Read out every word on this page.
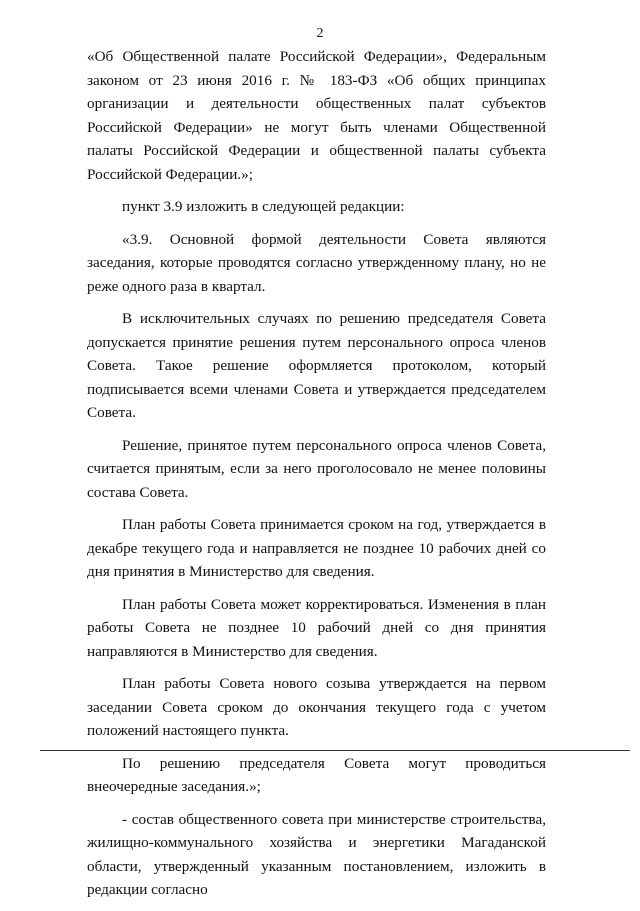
2

«Об Общественной палате Российской Федерации», Федеральным законом от 23 июня 2016 г. № 183-ФЗ «Об общих принципах организации и деятельности общественных палат субъектов Российской Федерации» не могут быть членами Общественной палаты Российской Федерации и общественной палаты субъекта Российской Федерации.»;

пункт 3.9 изложить в следующей редакции:

«3.9. Основной формой деятельности Совета являются заседания, которые проводятся согласно утвержденному плану, но не реже одного раза в квартал.

В исключительных случаях по решению председателя Совета допускается принятие решения путем персонального опроса членов Совета. Такое решение оформляется протоколом, который подписывается всеми членами Совета и утверждается председателем Совета.

Решение, принятое путем персонального опроса членов Совета, считается принятым, если за него проголосовало не менее половины состава Совета.

План работы Совета принимается сроком на год, утверждается в декабре текущего года и направляется не позднее 10 рабочих дней со дня принятия в Министерство для сведения.

План работы Совета может корректироваться. Изменения в план работы Совета не позднее 10 рабочий дней со дня принятия направляются в Министерство для сведения.

План работы Совета нового созыва утверждается на первом заседании Совета сроком до окончания текущего года с учетом положений настоящего пункта.

По решению председателя Совета могут проводиться внеочередные заседания.»;

- состав общественного совета при министерстве строительства, жилищно-коммунального хозяйства и энергетики Магаданской области, утвержденный указанным постановлением, изложить в редакции согласно
